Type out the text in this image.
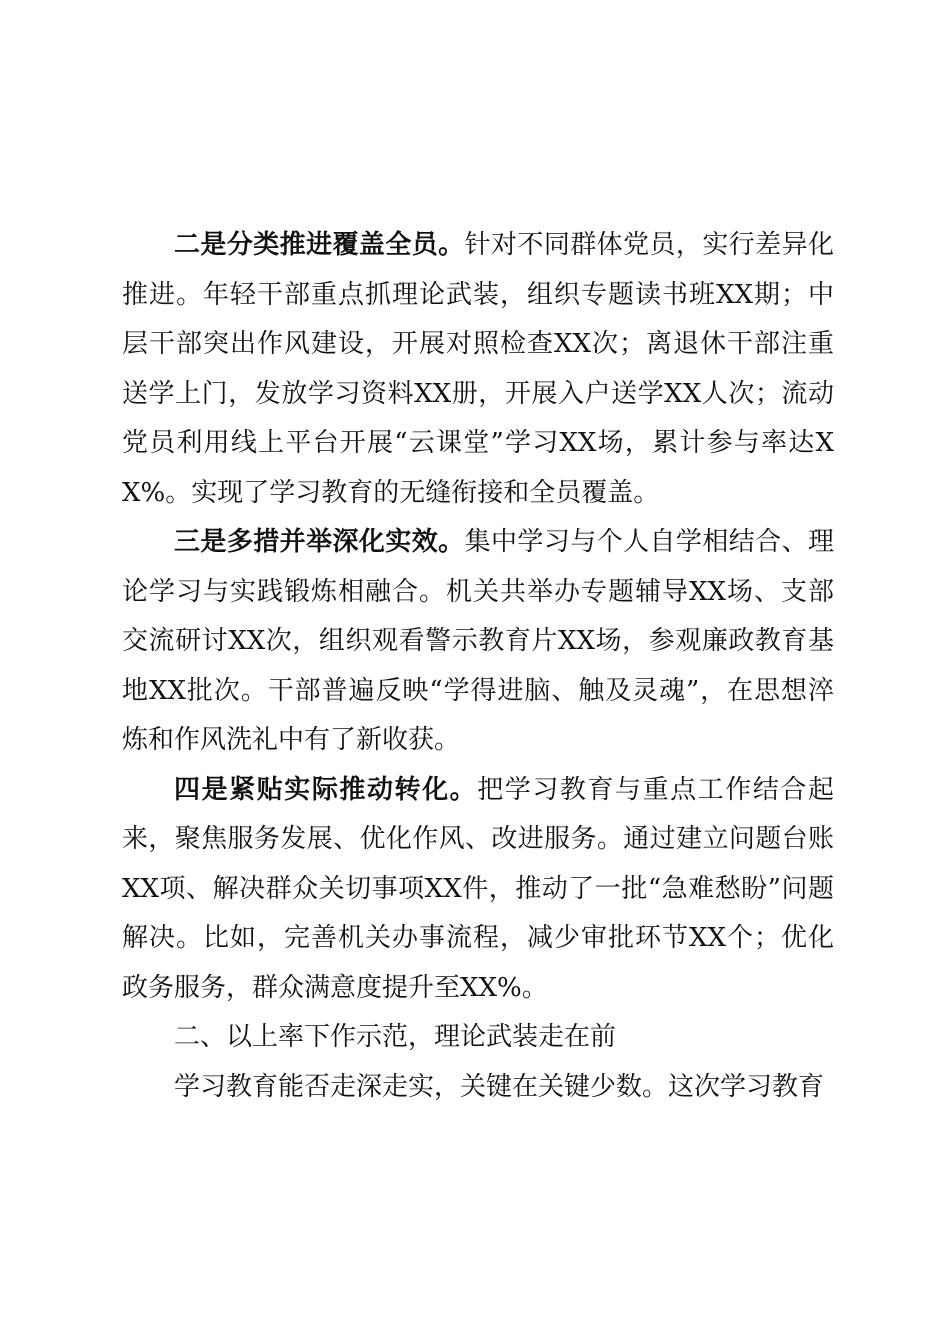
二是分类推进覆盖全员。针对不同群体党员，实行差异化推进。年轻干部重点抓理论武装，组织专题读书班XX期；中层干部突出作风建设，开展对照检查XX次；离退休干部注重送学上门，发放学习资料XX册，开展入户送学XX人次；流动党员利用线上平台开展“云课堂”学习XX场，累计参与率达XX%。实现了学习教育的无缝衔接和全员覆盖。

三是多措并举深化实效。集中学习与个人自学相结合、理论学习与实践锻炼相融合。机关共举办专题辅导XX场、支部交流研讨XX次，组织观看警示教育片XX场，参观廉政教育基地XX批次。干部普遍反映“学得进脑、触及灵魂”，在思想淬炼和作风洗礼中有了新收获。

四是紧贴实际推动转化。把学习教育与重点工作结合起来，聚焦服务发展、优化作风、改进服务。通过建立问题台账XX项、解决群众关切事项XX件，推动了一批“急难愁盼”问题解决。比如，完善机关办事流程，减少审批环节XX个；优化政务服务，群众满意度提升至XX%。

二、以上率下作示范，理论武装走在前

学习教育能否走深走实，关键在关键少数。这次学习教育
